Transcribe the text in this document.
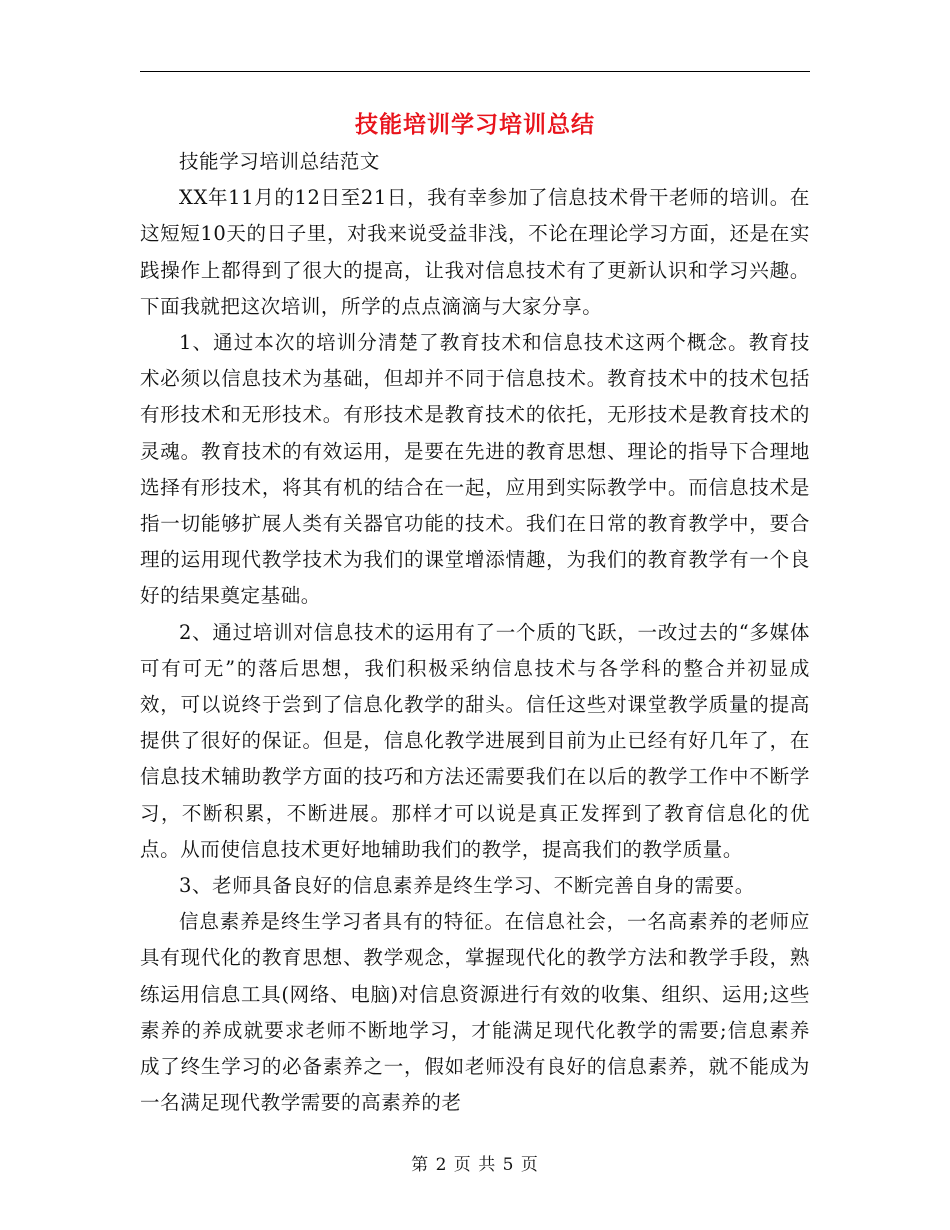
技能培训学习培训总结

技能学习培训总结范文

XX年11月的12日至21日，我有幸参加了信息技术骨干老师的培训。在这短短10天的日子里，对我来说受益非浅，不论在理论学习方面，还是在实践操作上都得到了很大的提高，让我对信息技术有了更新认识和学习兴趣。下面我就把这次培训，所学的点点滴滴与大家分享。

1、通过本次的培训分清楚了教育技术和信息技术这两个概念。教育技术必须以信息技术为基础，但却并不同于信息技术。教育技术中的技术包括有形技术和无形技术。有形技术是教育技术的依托，无形技术是教育技术的灵魂。教育技术的有效运用，是要在先进的教育思想、理论的指导下合理地选择有形技术，将其有机的结合在一起，应用到实际教学中。而信息技术是指一切能够扩展人类有关器官功能的技术。我们在日常的教育教学中，要合理的运用现代教学技术为我们的课堂增添情趣，为我们的教育教学有一个良好的结果奠定基础。

2、通过培训对信息技术的运用有了一个质的飞跃，一改过去的“多媒体可有可无”的落后思想，我们积极采纳信息技术与各学科的整合并初显成效，可以说终于尝到了信息化教学的甜头。信任这些对课堂教学质量的提高提供了很好的保证。但是，信息化教学进展到目前为止已经有好几年了，在信息技术辅助教学方面的技巧和方法还需要我们在以后的教学工作中不断学习，不断积累，不断进展。那样才可以说是真正发挥到了教育信息化的优点。从而使信息技术更好地辅助我们的教学，提高我们的教学质量。

3、老师具备良好的信息素养是终生学习、不断完善自身的需要。

信息素养是终生学习者具有的特征。在信息社会，一名高素养的老师应具有现代化的教育思想、教学观念，掌握现代化的教学方法和教学手段，熟练运用信息工具(网络、电脑)对信息资源进行有效的收集、组织、运用;这些素养的养成就要求老师不断地学习，才能满足现代化教学的需要;信息素养成了终生学习的必备素养之一，假如老师没有良好的信息素养，就不能成为一名满足现代教学需要的高素养的老

第 2 页 共 5 页
